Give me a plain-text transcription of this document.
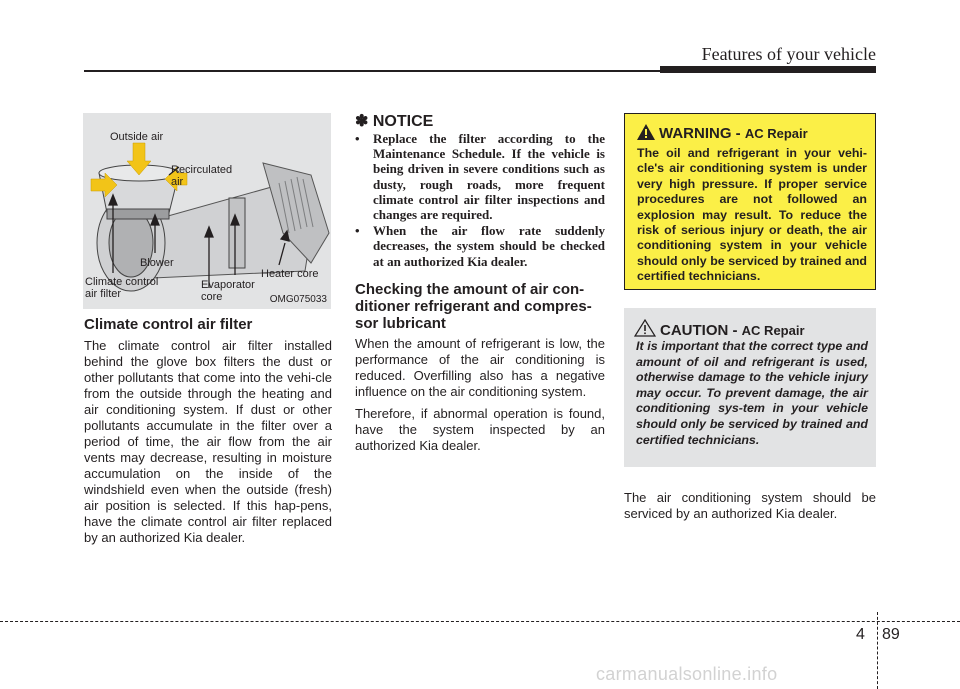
Features of your vehicle
Outside air
Recirculated
air
Blower
Climate control
air filter
Evaporator
core
Heater core
OMG075033
Climate control air filter

The climate control air filter installed behind the glove box filters the dust or other pollutants that come into the vehi-cle from the outside through the heating and air conditioning system. If dust or other pollutants accumulate in the filter over a period of time, the air flow from the air vents may decrease, resulting in moisture accumulation on the inside of the windshield even when the outside (fresh) air position is selected. If this hap-pens, have the climate control air filter replaced by an authorized Kia dealer.

✽ NOTICE
• Replace the filter according to the Maintenance Schedule. If the vehicle is being driven in severe conditions such as dusty, rough roads, more frequent climate control air filter inspections and changes are required.
• When the air flow rate suddenly decreases, the system should be checked at an authorized Kia dealer.
Checking the amount of air con-ditioner refrigerant and compres-sor lubricant

When the amount of refrigerant is low, the performance of the air conditioning is reduced. Overfilling also has a negative influence on the air conditioning system.

Therefore, if abnormal operation is found, have the system inspected by an authorized Kia dealer.

WARNING - AC Repair
The oil and refrigerant in your vehi-cle's air conditioning system is under very high pressure. If proper service procedures are not followed an explosion may result. To reduce the risk of serious injury or death, the air conditioning system in your vehicle should only be serviced by trained and certified technicians.
CAUTION - AC Repair
It is important that the correct type and amount of oil and refrigerant is used, otherwise damage to the vehicle injury may occur. To prevent damage, the air conditioning sys-tem in your vehicle should only be serviced by trained and certified technicians.

The air conditioning system should be serviced by an authorized Kia dealer.

4 89
carmanualsonline.info
